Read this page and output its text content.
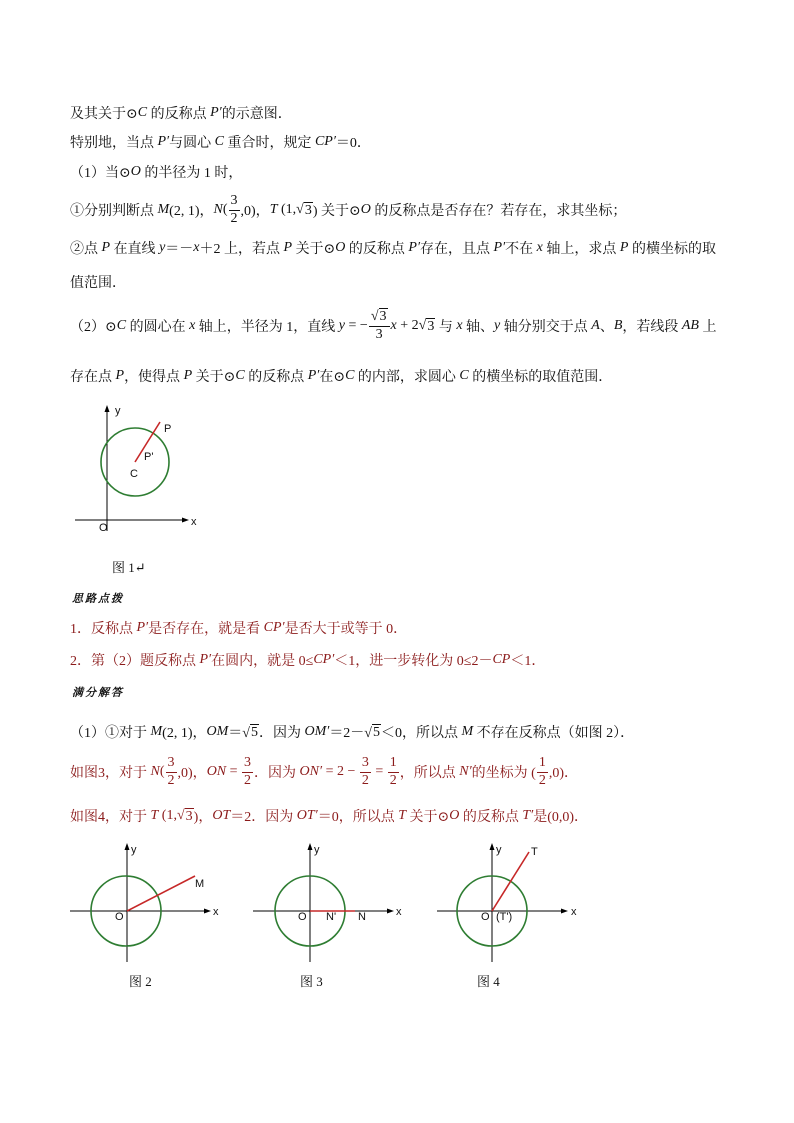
及其关于⊙ C 的反称点 P′ 的示意图．
特别地，当点 P′ 与圆心 C 重合时，规定 CP′ ＝0．
（1）当⊙ O 的半径为 1 时，
①分别判断点 M (2, 1)， N ( $\frac{3}{2} ,0$)， T (1,√ 3 ) 关于⊙ O 的反称点是否存在？若存在，求其坐标；
②点 P 在直线 y ＝－ x ＋2 上，若点 P 关于⊙ O 的反称点 P′ 存在，且点 P′ 不在 x 轴上，求点 P 的横坐标的取
值范围．
（2）⊙ C 的圆心在 x 轴上，半径为 1，直线 y = − $\frac{√3}{3}$ x + 2√ 3 与 x 轴、 y 轴分别交于点 A 、 B ，若线段 AB 上
存在点 P ，使得点 P 关于⊙ C 的反称点 P′ 在⊙ C 的内部，求圆心 C 的横坐标的取值范围．
图 1↵
思路点拨
1．反称点 P′ 是否存在，就是看 CP′ 是否大于或等于 0．
2．第（2）题反称点 P′ 在圆内，就是 0≤ CP′ ＜1，进一步转化为 0≤2－ CP ＜1．
满分解答
（1）①对于 M (2, 1)， OM ＝√ 5 ．因为 OM′ ＝2－√ 5 ＜0，所以点 M 不存在反称点（如图 2）．
如图3，对于 N ( $\frac{3}{2} ,0$)， ON = $\frac{3}{2}$ ．因为 $ON' = 2 - \frac{3}{2} = \frac{1}{2}$ ，所以点 N′ 的坐标为 ( $\frac{1}{2} ,0$)．
如图4，对于 T (1,√ 3 )， OT ＝2．因为 OT′ ＝0，所以点 T 关于⊙ O 的反称点 T′ 是(0,0)．
图 2	图 3	图 4
y
x
O
P
P'
C
y
x
O
M
y
x
O N' N
y
x
O (T')
T
